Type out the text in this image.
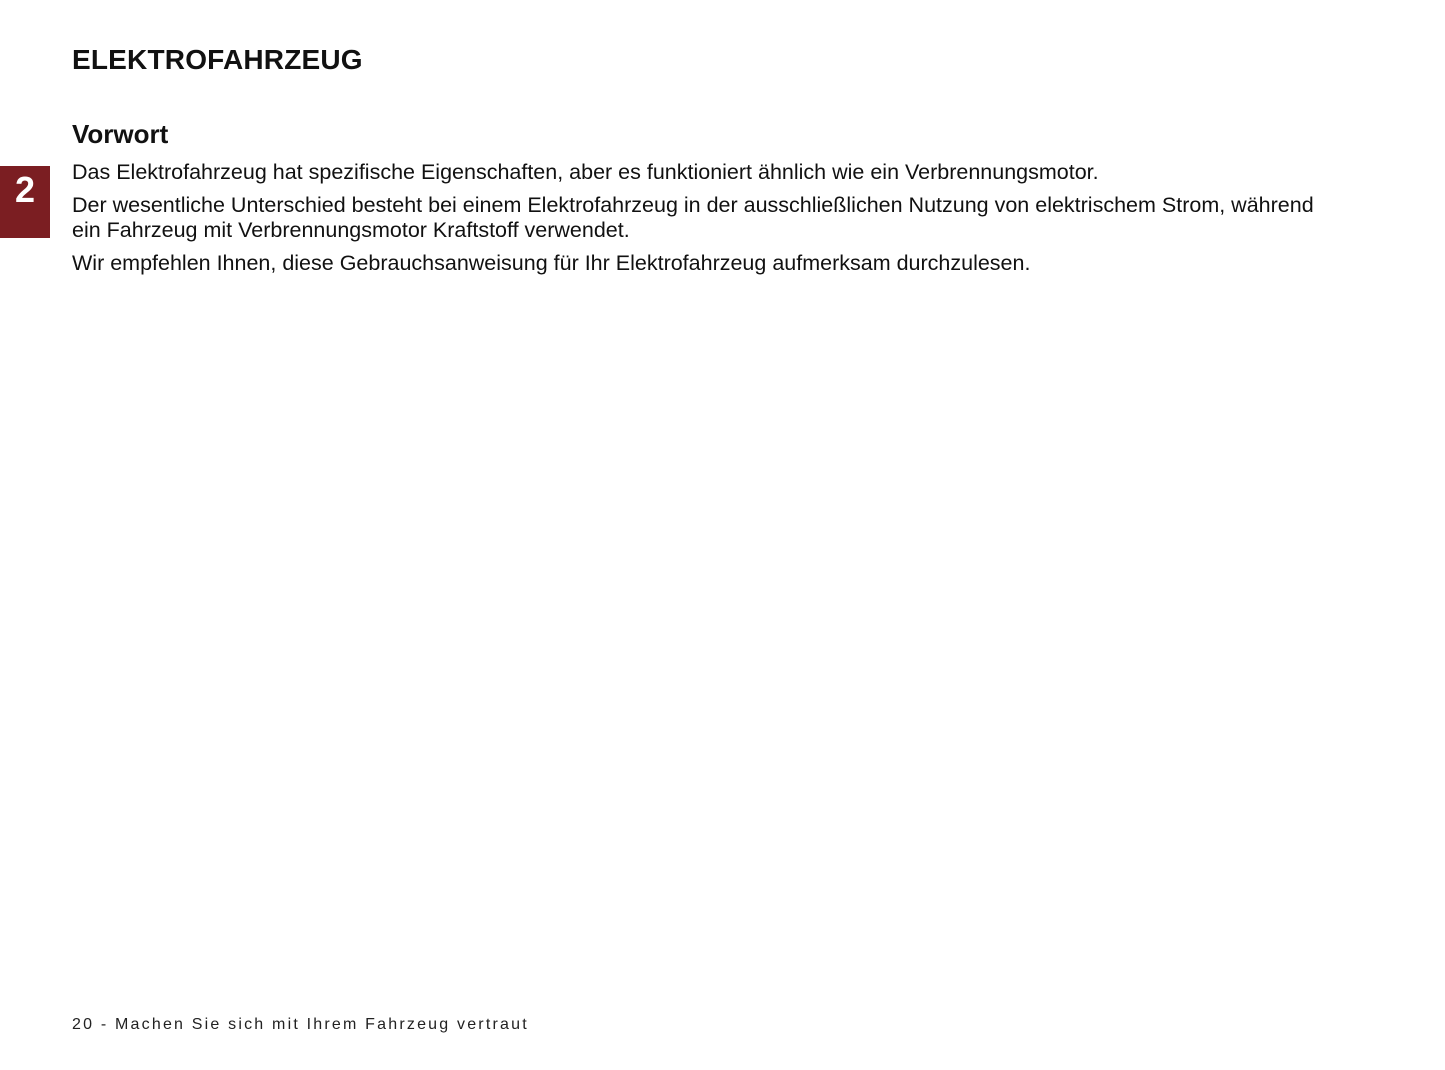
ELEKTROFAHRZEUG
2
Vorwort

Das Elektrofahrzeug hat spezifische Eigenschaften, aber es funktioniert ähnlich wie ein Verbrennungsmotor.

Der wesentliche Unterschied besteht bei einem Elektrofahrzeug in der ausschließlichen Nutzung von elektrischem Strom, während ein Fahrzeug mit Verbrennungsmotor Kraftstoff verwendet.

Wir empfehlen Ihnen, diese Gebrauchsanweisung für Ihr Elektrofahrzeug aufmerksam durchzulesen.

20 - Machen Sie sich mit Ihrem Fahrzeug vertraut
